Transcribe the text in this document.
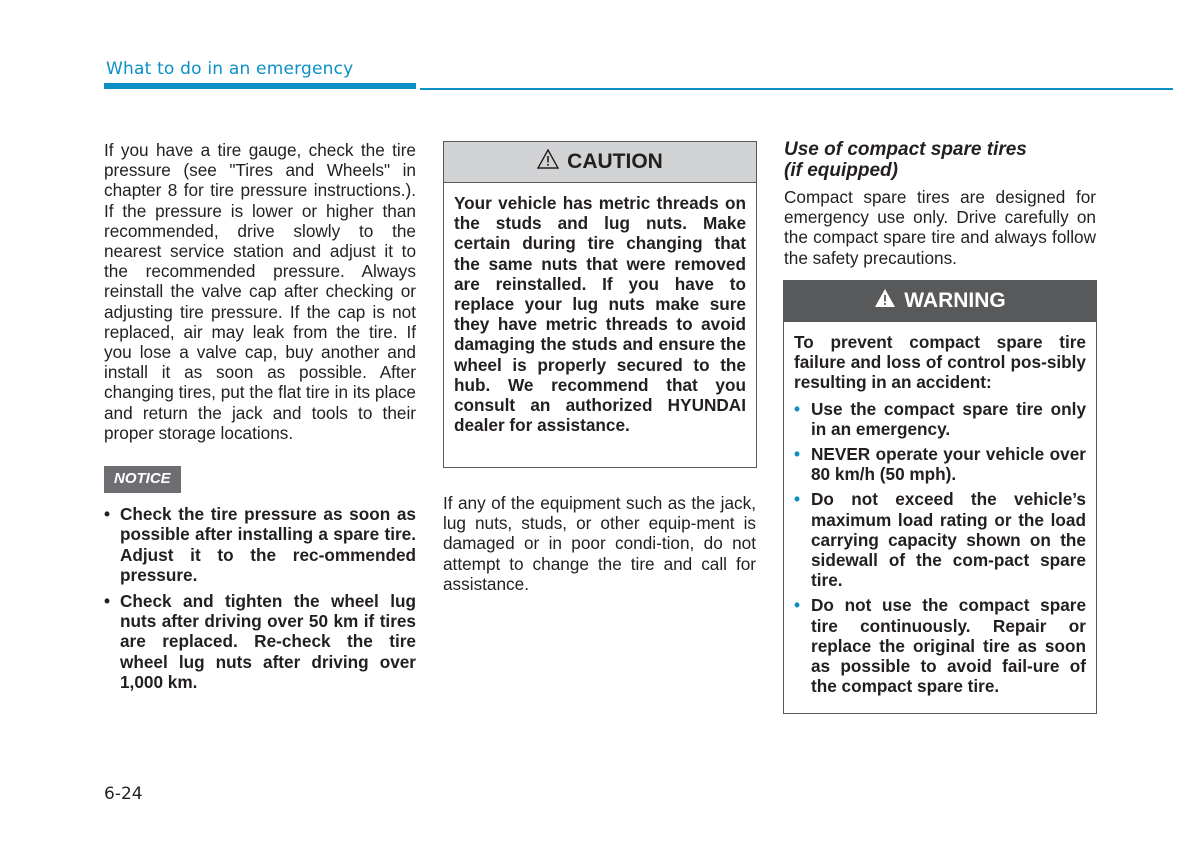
What to do in an emergency
If you have a tire gauge, check the tire pressure (see "Tires and Wheels" in chapter 8 for tire pressure instructions.). If the pressure is lower or higher than recommended, drive slowly to the nearest service station and adjust it to the recommended pressure. Always reinstall the valve cap after checking or adjusting tire pressure. If the cap is not replaced, air may leak from the tire. If you lose a valve cap, buy another and install it as soon as possible. After changing tires, put the flat tire in its place and return the jack and tools to their proper storage locations.
NOTICE
• Check the tire pressure as soon as possible after installing a spare tire. Adjust it to the rec-ommended pressure.
• Check and tighten the wheel lug nuts after driving over 50 km if tires are replaced. Re-check the tire wheel lug nuts after driving over 1,000 km.
CAUTION
Your vehicle has metric threads on the studs and lug nuts. Make certain during tire changing that the same nuts that were removed are reinstalled. If you have to replace your lug nuts make sure they have metric threads to avoid damaging the studs and ensure the wheel is properly secured to the hub. We recommend that you consult an authorized HYUNDAI dealer for assistance.
If any of the equipment such as the jack, lug nuts, studs, or other equip-ment is damaged or in poor condi-tion, do not attempt to change the tire and call for assistance.
Use of compact spare tires
(if equipped)
Compact spare tires are designed for emergency use only. Drive carefully on the compact spare tire and always follow the safety precautions.
WARNING
To prevent compact spare tire failure and loss of control pos-sibly resulting in an accident:
• Use the compact spare tire only in an emergency.
• NEVER operate your vehicle over 80 km/h (50 mph).
• Do not exceed the vehicle’s maximum load rating or the load carrying capacity shown on the sidewall of the com-pact spare tire.
• Do not use the compact spare tire continuously. Repair or replace the original tire as soon as possible to avoid fail-ure of the compact spare tire.
6-24
